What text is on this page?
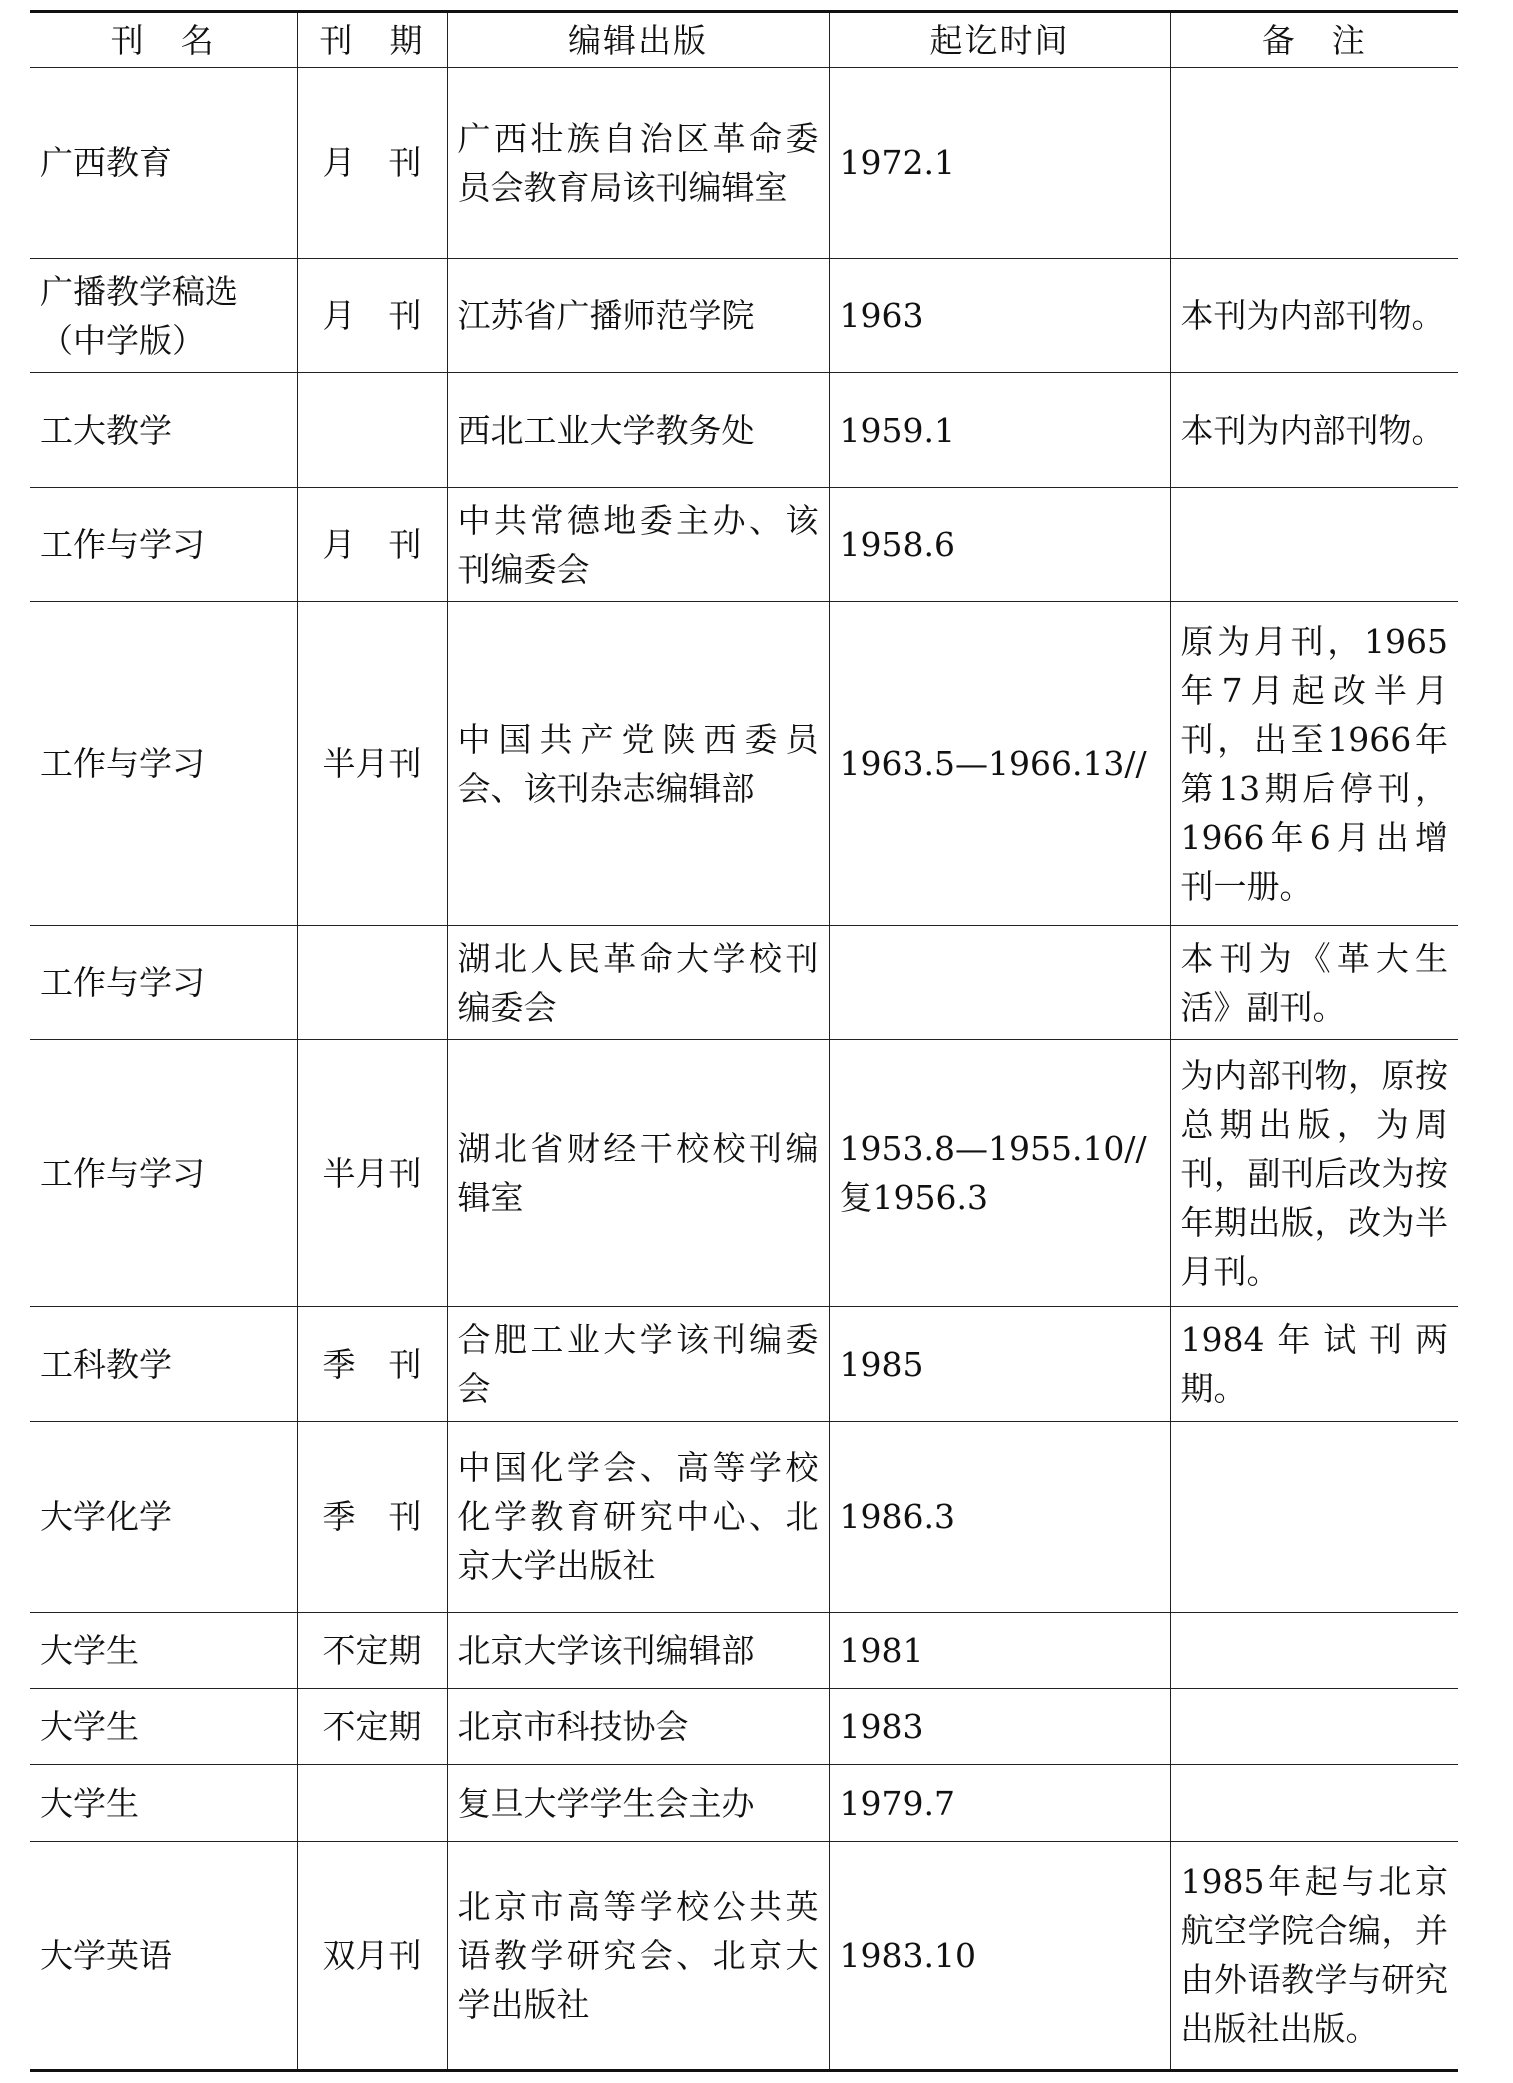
刊　名	刊　期	编辑出版	起讫时间	备　注
广西教育	月　刊	广西壮族自治区革命委员会教育局该刊编辑室	1972.1	
广播教学稿选（中学版）	月　刊	江苏省广播师范学院	1963	本刊为内部刊物。
工大教学		西北工业大学教务处	1959.1	本刊为内部刊物。
工作与学习	月　刊	中共常德地委主办、该刊编委会	1958.6	
工作与学习	半月刊	中国共产党陕西委员会、该刊杂志编辑部	1963.5—1966.13//	原为月刊，1965年7月起改半月刊，出至1966年第13期后停刊，1966年6月出增刊一册。
工作与学习		湖北人民革命大学校刊编委会		本刊为《革大生活》副刊。
工作与学习	半月刊	湖北省财经干校校刊编辑室	1953.8—1955.10//复1956.3	为内部刊物，原按总期出版，为周刊，副刊后改为按年期出版，改为半月刊。
工科教学	季　刊	合肥工业大学该刊编委会	1985	1984年试刊两期。
大学化学	季　刊	中国化学会、高等学校化学教育研究中心、北京大学出版社	1986.3	
大学生	不定期	北京大学该刊编辑部	1981	
大学生	不定期	北京市科技协会	1983	
大学生		复旦大学学生会主办	1979.7	
大学英语	双月刊	北京市高等学校公共英语教学研究会、北京大学出版社	1983.10	1985年起与北京航空学院合编，并由外语教学与研究出版社出版。
